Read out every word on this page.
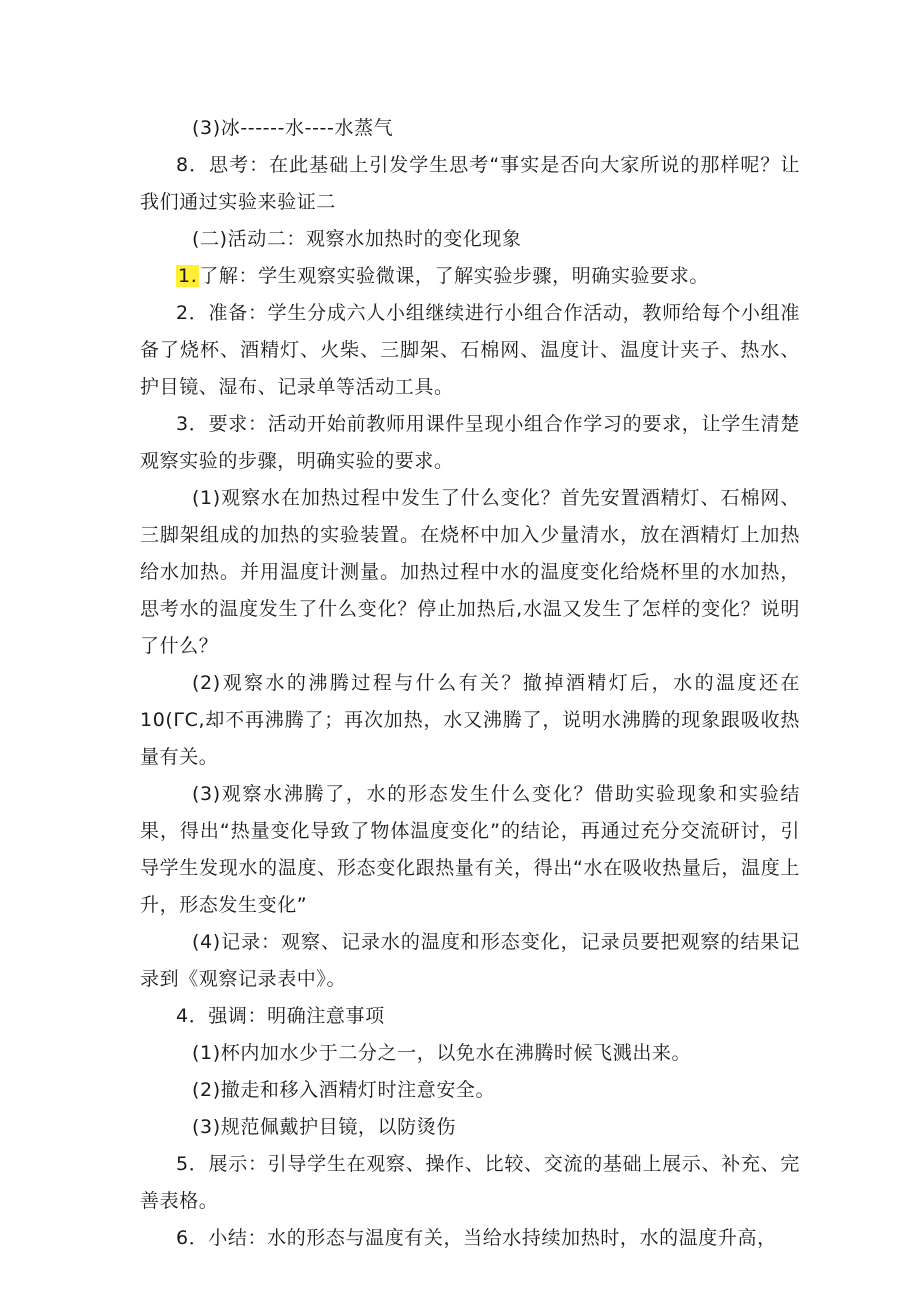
(3)冰------水----水蒸气

8．思考：在此基础上引发学生思考“事实是否向大家所说的那样呢？让我们通过实验来验证二

(二)活动二：观察水加热时的变化现象

1. 了解：学生观察实验微课，了解实验步骤，明确实验要求。

2．准备：学生分成六人小组继续进行小组合作活动，教师给每个小组准备了烧杯、酒精灯、火柴、三脚架、石棉网、温度计、温度计夹子、热水、护目镜、湿布、记录单等活动工具。

3．要求：活动开始前教师用课件呈现小组合作学习的要求，让学生清楚观察实验的步骤，明确实验的要求。

(1)观察水在加热过程中发生了什么变化？首先安置酒精灯、石棉网、三脚架组成的加热的实验装置。在烧杯中加入少量清水，放在酒精灯上加热给水加热。并用温度计测量。加热过程中水的温度变化给烧杯里的水加热，思考水的温度发生了什么变化？停止加热后,水温又发生了怎样的变化？说明了什么？

(2)观察水的沸腾过程与什么有关？撤掉酒精灯后，水的温度还在10(ΓC,却不再沸腾了；再次加热，水又沸腾了，说明水沸腾的现象跟吸收热量有关。

(3)观察水沸腾了，水的形态发生什么变化？借助实验现象和实验结果，得出“热量变化导致了物体温度变化”的结论，再通过充分交流研讨，引导学生发现水的温度、形态变化跟热量有关，得出“水在吸收热量后，温度上升，形态发生变化”

(4)记录：观察、记录水的温度和形态变化，记录员要把观察的结果记录到《观察记录表中》。

4．强调：明确注意事项

(1)杯内加水少于二分之一，以免水在沸腾时候飞溅出来。

(2)撤走和移入酒精灯时注意安全。

(3)规范佩戴护目镜，以防烫伤

5．展示：引导学生在观察、操作、比较、交流的基础上展示、补充、完善表格。

6．小结：水的形态与温度有关，当给水持续加热时，水的温度升高，
